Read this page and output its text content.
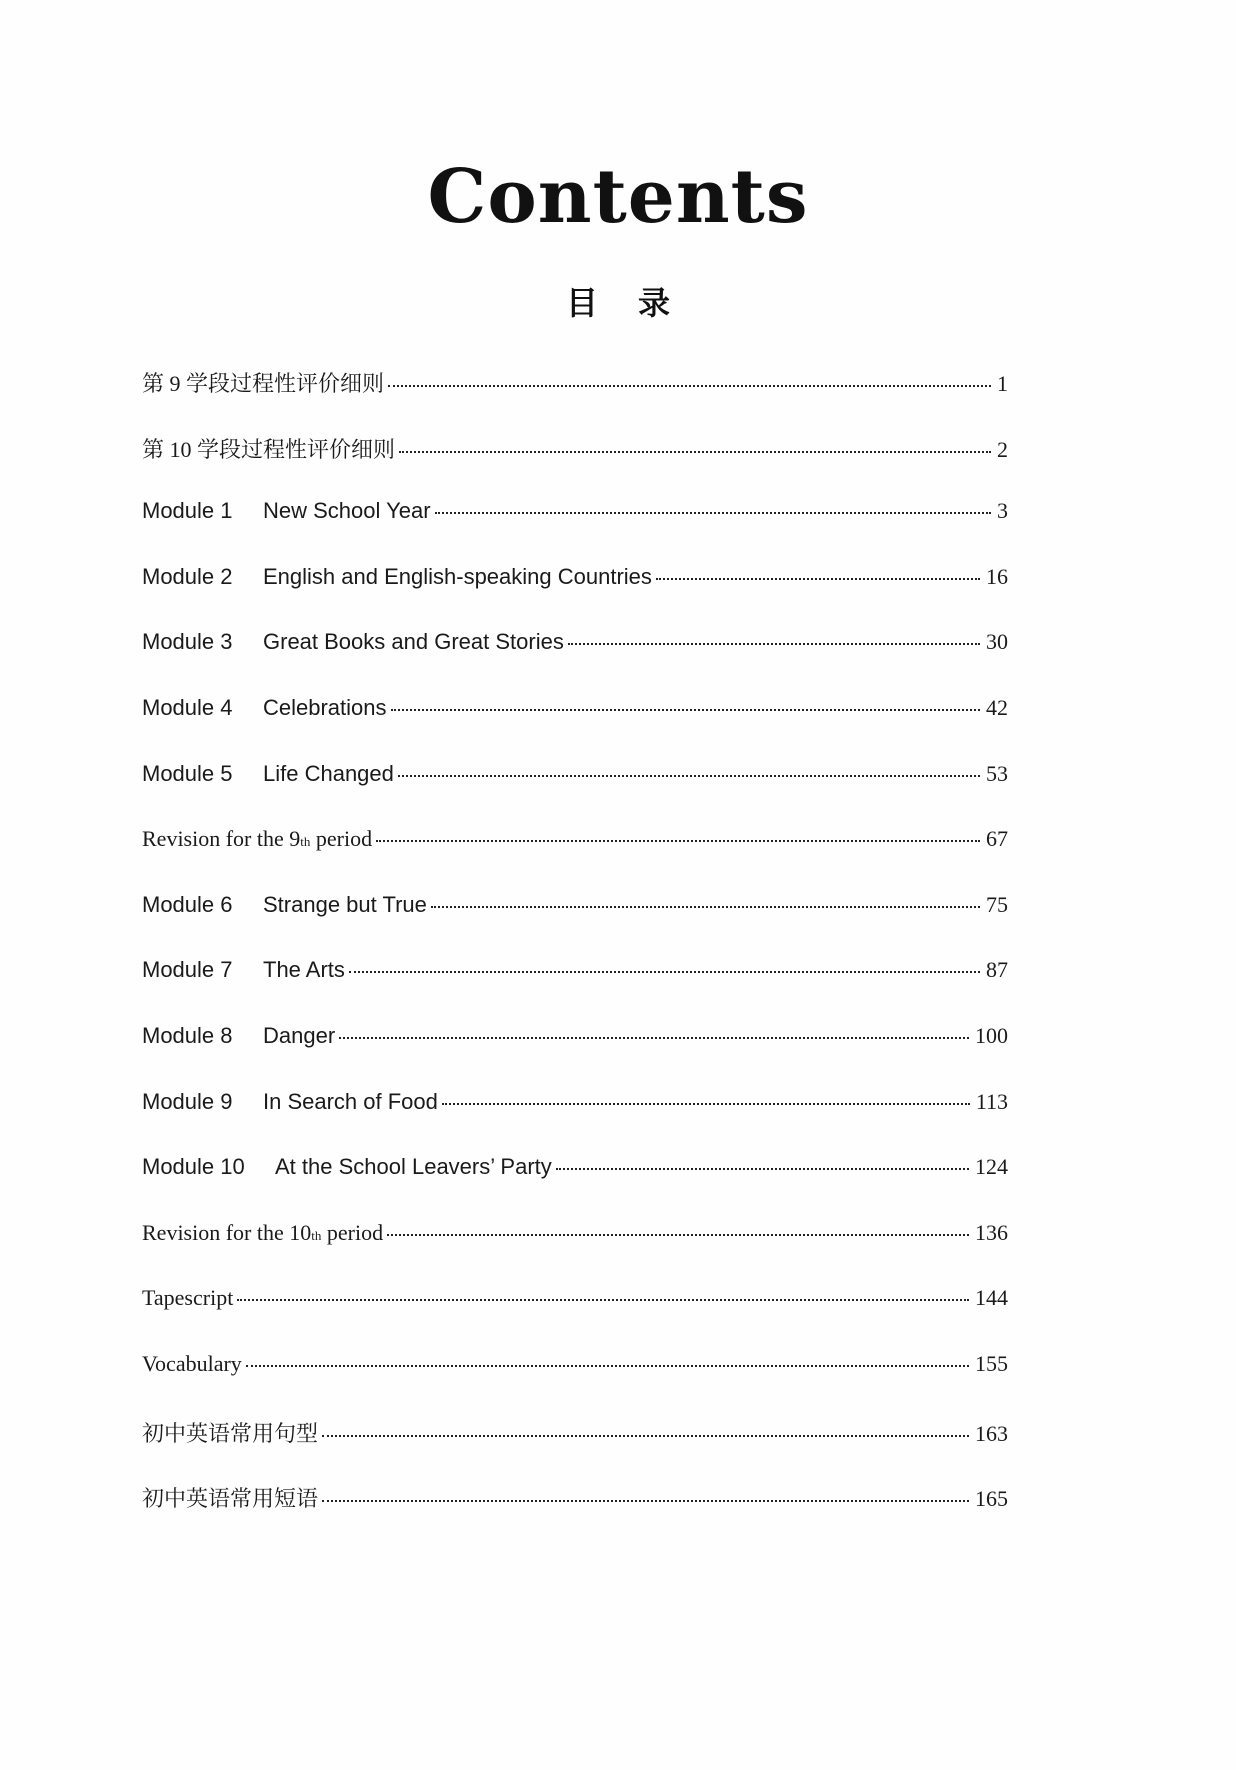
Contents
目 录
第 9 学段过程性评价细则	1
第 10 学段过程性评价细则	2
Module 1	New School Year	3
Module 2	English and English-speaking Countries	16
Module 3	Great Books and Great Stories	30
Module 4	Celebrations	42
Module 5	Life Changed	53
Revision for the 9 th period	67
Module 6	Strange but True	75
Module 7	The Arts	87
Module 8	Danger	100
Module 9	In Search of Food	113
Module 10	At the School Leavers’ Party	124
Revision for the 10 th period	136
Tapescript	144
Vocabulary	155
初中英语常用句型	163
初中英语常用短语	165
